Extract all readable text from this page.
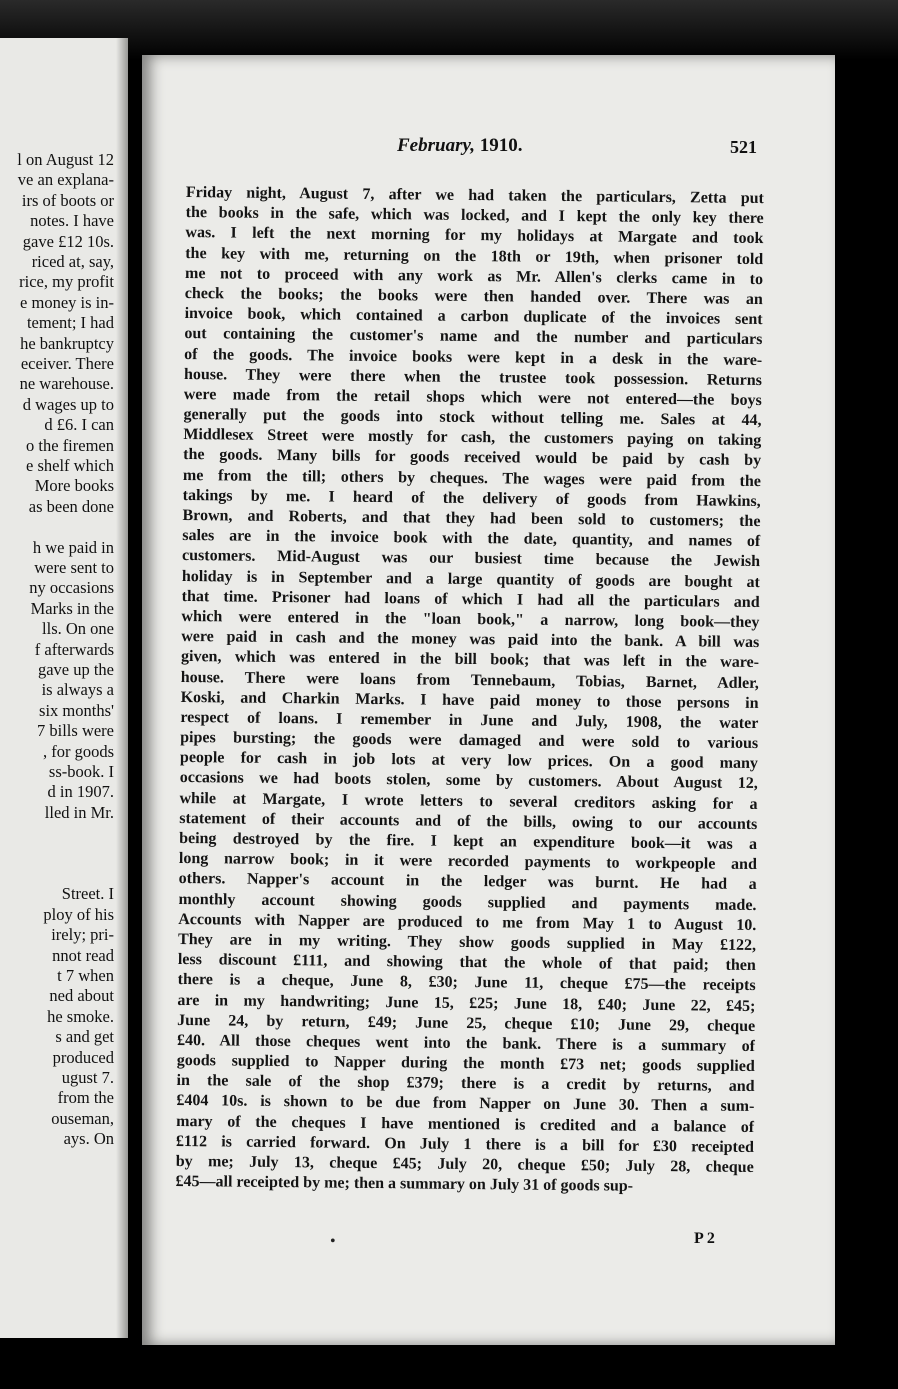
l on August 12
ve an explana-
irs of boots or
notes. I have
gave £12 10s.
riced at, say,
rice, my profit
e money is in-
tement; I had
he bankruptcy
eceiver. There
ne warehouse.
d wages up to
d £6. I can
o the firemen
e shelf which
More books
as been done
h we paid in
were sent to
ny occasions
Marks in the
lls. On one
f afterwards
gave up the
is always a
six months'
7 bills were
, for goods
ss-book. I
d in 1907.
lled in Mr.
Street. I
ploy of his
irely; pri-
nnot read
t 7 when
ned about
he smoke.
s and get
produced
ugust 7.
from the
ouseman,
ays. On
February, 1910.	521
Friday night, August 7, after we had taken the particulars, Zetta put
the books in the safe, which was locked, and I kept the only key there
was. I left the next morning for my holidays at Margate and took
the key with me, returning on the 18th or 19th, when prisoner told
me not to proceed with any work as Mr. Allen's clerks came in to
check the books; the books were then handed over. There was an
invoice book, which contained a carbon duplicate of the invoices sent
out containing the customer's name and the number and particulars
of the goods. The invoice books were kept in a desk in the ware-
house. They were there when the trustee took possession. Returns
were made from the retail shops which were not entered—the boys
generally put the goods into stock without telling me. Sales at 44,
Middlesex Street were mostly for cash, the customers paying on taking
the goods. Many bills for goods received would be paid by cash by
me from the till; others by cheques. The wages were paid from the
takings by me. I heard of the delivery of goods from Hawkins,
Brown, and Roberts, and that they had been sold to customers; the
sales are in the invoice book with the date, quantity, and names of
customers. Mid-August was our busiest time because the Jewish
holiday is in September and a large quantity of goods are bought at
that time. Prisoner had loans of which I had all the particulars and
which were entered in the "loan book," a narrow, long book—they
were paid in cash and the money was paid into the bank. A bill was
given, which was entered in the bill book; that was left in the ware-
house. There were loans from Tennebaum, Tobias, Barnet, Adler,
Koski, and Charkin Marks. I have paid money to those persons in
respect of loans. I remember in June and July, 1908, the water
pipes bursting; the goods were damaged and were sold to various
people for cash in job lots at very low prices. On a good many
occasions we had boots stolen, some by customers. About August 12,
while at Margate, I wrote letters to several creditors asking for a
statement of their accounts and of the bills, owing to our accounts
being destroyed by the fire. I kept an expenditure book—it was a
long narrow book; in it were recorded payments to workpeople and
others. Napper's account in the ledger was burnt. He had a
monthly account showing goods supplied and payments made.
Accounts with Napper are produced to me from May 1 to August 10.
They are in my writing. They show goods supplied in May £122,
less discount £111, and showing that the whole of that paid; then
there is a cheque, June 8, £30; June 11, cheque £75—the receipts
are in my handwriting; June 15, £25; June 18, £40; June 22, £45;
June 24, by return, £49; June 25, cheque £10; June 29, cheque
£40. All those cheques went into the bank. There is a summary of
goods supplied to Napper during the month £73 net; goods supplied
in the sale of the shop £379; there is a credit by returns, and
£404 10s. is shown to be due from Napper on June 30. Then a sum-
mary of the cheques I have mentioned is credited and a balance of
£112 is carried forward. On July 1 there is a bill for £30 receipted
by me; July 13, cheque £45; July 20, cheque £50; July 28, cheque
£45—all receipted by me; then a summary on July 31 of goods sup-
•	P 2
